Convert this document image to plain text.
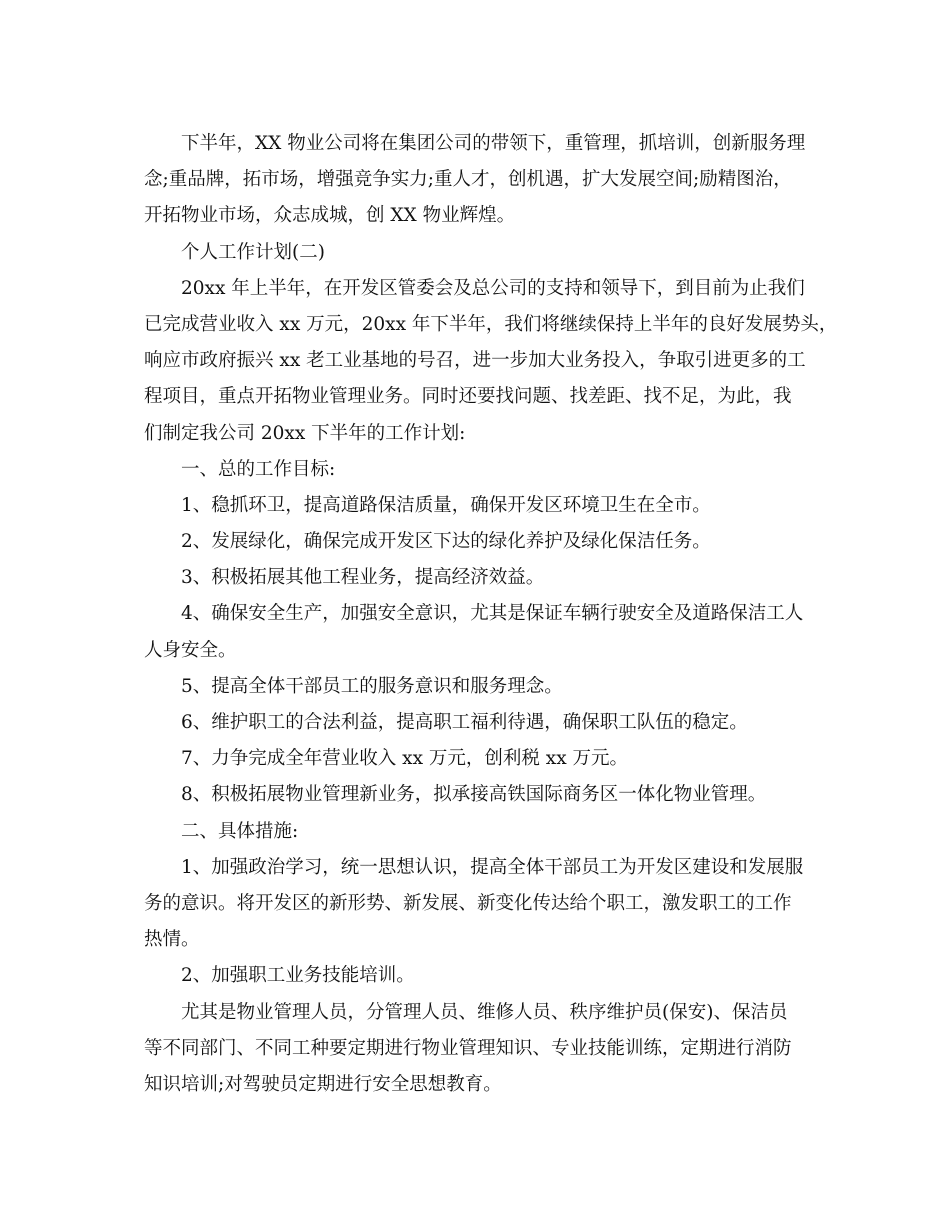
下半年，XX 物业公司将在集团公司的带领下，重管理，抓培训，创新服务理
念;重品牌，拓市场，增强竞争实力;重人才，创机遇，扩大发展空间;励精图治，
开拓物业市场，众志成城，创 XX 物业辉煌。
个人工作计划(二)
20xx 年上半年，在开发区管委会及总公司的支持和领导下，到目前为止我们
已完成营业收入 xx 万元，20xx 年下半年，我们将继续保持上半年的良好发展势头，
响应市政府振兴 xx 老工业基地的号召，进一步加大业务投入，争取引进更多的工
程项目，重点开拓物业管理业务。同时还要找问题、找差距、找不足，为此，我
们制定我公司 20xx 下半年的工作计划:
一、总的工作目标:
1、稳抓环卫，提高道路保洁质量，确保开发区环境卫生在全市。
2、发展绿化，确保完成开发区下达的绿化养护及绿化保洁任务。
3、积极拓展其他工程业务，提高经济效益。
4、确保安全生产，加强安全意识，尤其是保证车辆行驶安全及道路保洁工人
人身安全。
5、提高全体干部员工的服务意识和服务理念。
6、维护职工的合法利益，提高职工福利待遇，确保职工队伍的稳定。
7、力争完成全年营业收入 xx 万元，创利税 xx 万元。
8、积极拓展物业管理新业务，拟承接高铁国际商务区一体化物业管理。
二、具体措施:
1、加强政治学习，统一思想认识，提高全体干部员工为开发区建设和发展服
务的意识。将开发区的新形势、新发展、新变化传达给个职工，激发职工的工作
热情。
2、加强职工业务技能培训。
尤其是物业管理人员，分管理人员、维修人员、秩序维护员(保安)、保洁员
等不同部门、不同工种要定期进行物业管理知识、专业技能训练，定期进行消防
知识培训;对驾驶员定期进行安全思想教育。
